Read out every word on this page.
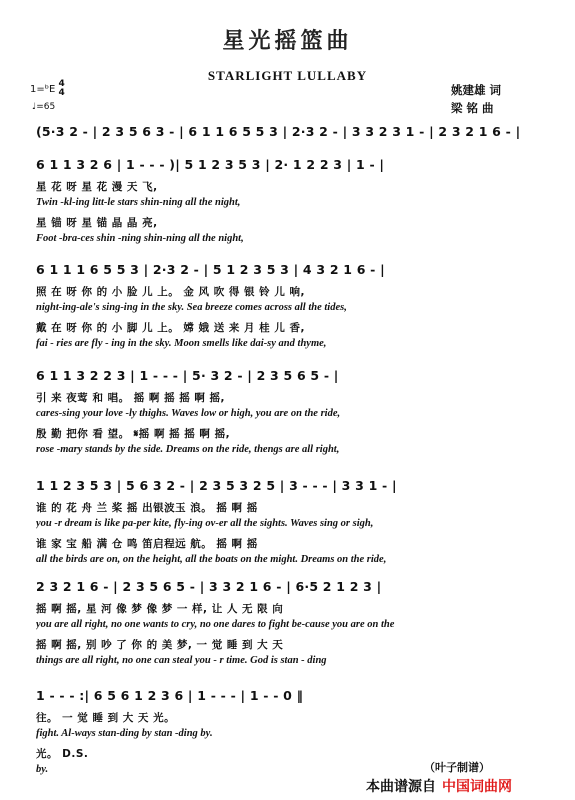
星光摇篮曲
STARLIGHT LULLABY
1=ᵇE 4
4
♩=65
姚建雄 词
梁 铭 曲
(5·3 2 - | 2 3 5 6 3 - | 6 1 1 6 5 5 3 | 2·3 2 - | 3 3 2 3 1 - | 2 3 2 1 6 - |
6 1 1 3 2 6 | 1 - - - )| 5 1 2 3 5 3 | 2· 1 2 2 3 | 1 - |
星 花 呀 星 花 漫 天 飞,
Twin -kl-ing litt-le stars shin-ning all the night,
星 锚 呀 星 锚 晶 晶 亮,
Foot -bra-ces shin -ning shin-ning all the night,
6 1 1 1 6 5 5 3 | 2·3 2 - | 5 1 2 3 5 3 | 4 3 2 1 6 - |
照 在 呀 你 的 小 脸 儿 上。 金 风 吹 得 银 铃 儿 响,
night-ing-ale's sing-ing in the sky. Sea breeze comes across all the tides,
戴 在 呀 你 的 小 脚 儿 上。 嫦 娥 送 来 月 桂 儿 香,
fai - ries are fly - ing in the sky. Moon smells like dai-sy and thyme,
6 1 1 3 2 2 3 | 1 - - - | 5· 3 2 - | 2 3 5 6 5 - |
引 来 夜莺 和 唱。 摇 啊 摇 摇 啊 摇,
cares-sing your love -ly thighs. Waves low or high, you are on the ride,
殷 勤 把你 看 望。 𝄋摇 啊 摇 摇 啊 摇,
rose -mary stands by the side. Dreams on the ride, thengs are all right,
1 1 2 3 5 3 | 5 6 3 2 - | 2 3 5 3 2 5 | 3 - - - | 3 3 1 - |
谁 的 花 舟 兰 桨 摇 出银波玉 浪。 摇 啊 摇
you -r dream is like pa-per kite, fly-ing ov-er all the sights. Waves sing or sigh,
谁 家 宝 船 满 仓 鸣 笛启程远 航。 摇 啊 摇
all the birds are on, on the height, all the boats on the might. Dreams on the ride,
2 3 2 1 6 - | 2 3 5 6 5 - | 3 3 2 1 6 - | 6·5 2 1 2 3 |
摇 啊 摇, 星 河 像 梦 像 梦 一 样, 让 人 无 限 向
you are all right, no one wants to cry, no one dares to fight be-cause you are on the
摇 啊 摇, 别 吵 了 你 的 美 梦, 一 觉 睡 到 大 天
things are all right, no one can steal you - r time. God is stan - ding
1 - - - :| 6 5 6 1 2 3 6 | 1 - - - | 1 - - 0 ‖
往。 一 觉 睡 到 大 天 光。
fight. Al-ways stan-ding by stan -ding by.
光。 D.S.
by.	（叶子制谱）
本曲谱源自 中国词曲网
